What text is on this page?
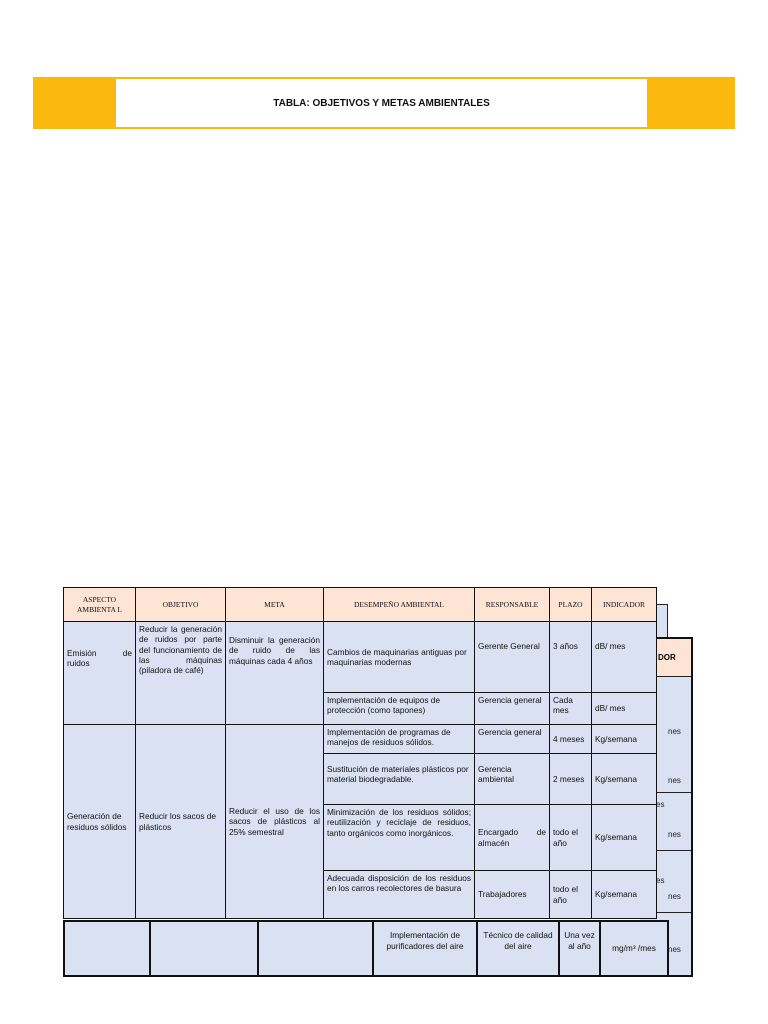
TABLA: OBJETIVOS Y METAS AMBIENTALES
DOR
nes
nes
es
nes
es
nes
nes
ASPECTO AMBIENTA L	OBJETIVO	META	DESEMPEÑO AMBIENTAL	RESPONSABLE	PLAZO	INDICADOR
Emisión de ruidos	Reducir la generación de ruidos por parte del funcionamiento de las máquinas (piladora de café)	Disminuir la generación de ruido de las máquinas cada 4 años	Cambios de maquinarias antiguas por maquinarias modernas	Gerente General	3 años	dB/ mes
			Implementación de equipos de protección (como tapones)	Gerencia general	Cada mes	dB/ mes
Generación de residuos sólidos	Reducir los sacos de plásticos	Reducir el uso de los sacos de plásticos al 25% semestral	Implementación de programas de manejos de residuos sólidos.	Gerencia general	4 meses	Kg/semana
			Sustitución de materiales plásticos por material biodegradable.	Gerencia ambiental	2 meses	Kg/semana
			Minimización de los residuos sólidos; reutilización y reciclaje de residuos, tanto orgánicos como inorgánicos.	Encargado de almacén	todo el año	Kg/semana
			Adecuada disposición de los residuos en los carros recolectores de basura	Trabajadores	todo el año	Kg/semana
			Implementación de purificadores del aire	Técnico de calidad del aire	Una vez al año	mg/m³ /mes
